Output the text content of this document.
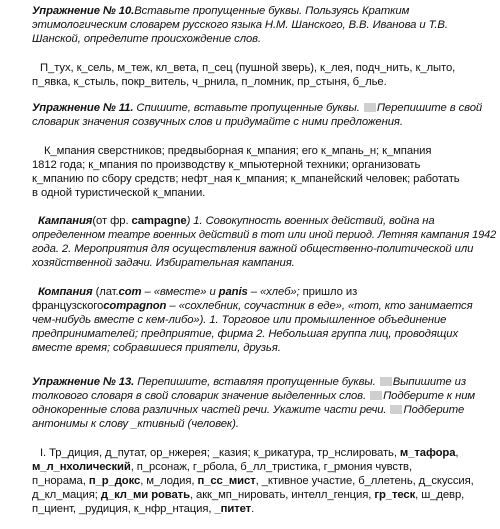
Упражнение № 10.Вставьте пропущенные буквы. Пользуясь Кратким
этимологическим словарем русского языка Н.М. Шанского, В.В. Иванова и Т.В.
Шанской, определите происхождение слов.
П_тух, к_сель, м_теж, кл_вета, п_сец (пушной зверь), к_лея, подч_нить, к_лыто,
п_явка, к_стыль, покр_витель, ч_рнила, п_ломник, пр_стыня, б_лье.
Упражнение № 11. Спишите, вставьте пропущенные буквы. Перепишите в свой
словарик значения созвучных слов и придумайте с ними предложения.
К_мпания сверстников; предвыборная к_мпания; его к_мпань_н; к_мпания
1812 года; к_мпания по производству к_мпьютерной техники; организовать
к_мпанию по сбору средств; нефт_ная к_мпания; к_мпанейский человек; работать
в одной туристической к_мпании.
Кампания(от фр. campagne) 1. Совокупность военных действий, война на
определенном театре военных действий в тот или иной период. Летняя кампания 1942
года. 2. Мероприятия для осуществления важной общественно-политической или
хозяйственной задачи. Избирательная кампания.
Компания (лат.com – «вместе» и panis – «хлеб»; пришло из
французскогоcompagnon – «сохлебник, соучастник в еде», «тот, кто занимается
чем-нибудь вместе с кем-либо»). 1. Торговое или промышленное объединение
предпринимателей; предприятие, фирма 2. Небольшая группа лиц, проводящих
вместе время; собравшиеся приятели, друзья.
Упражнение № 13. Перепишите, вставляя пропущенные буквы. Выпишите из
толкового словаря в свой словарик значение выделенных слов. Подберите к ним
однокоренные слова различных частей речи. Укажите части речи. Подберите
антонимы к слову _ктивный (человек).
I. Тр_диция, д_путат, ор_нжерея; _казия; к_рикатура, тр_нслировать, м_тафора,
м_л_нхолический, п_рсонаж, г_рбола, б_лл_тристика, г_рмония чувств,
п_норама, п_р_докс, м_лодия, п_сс_мист, _ктивное участие, б_ллетень, д_скуссия,
д_кл_мация; д_кл_ми ровать, акк_мп_нировать, интелл_генция, гр_теск, ш_девр,
п_циент, _рудиция, к_нфр_нтация, _питет.
